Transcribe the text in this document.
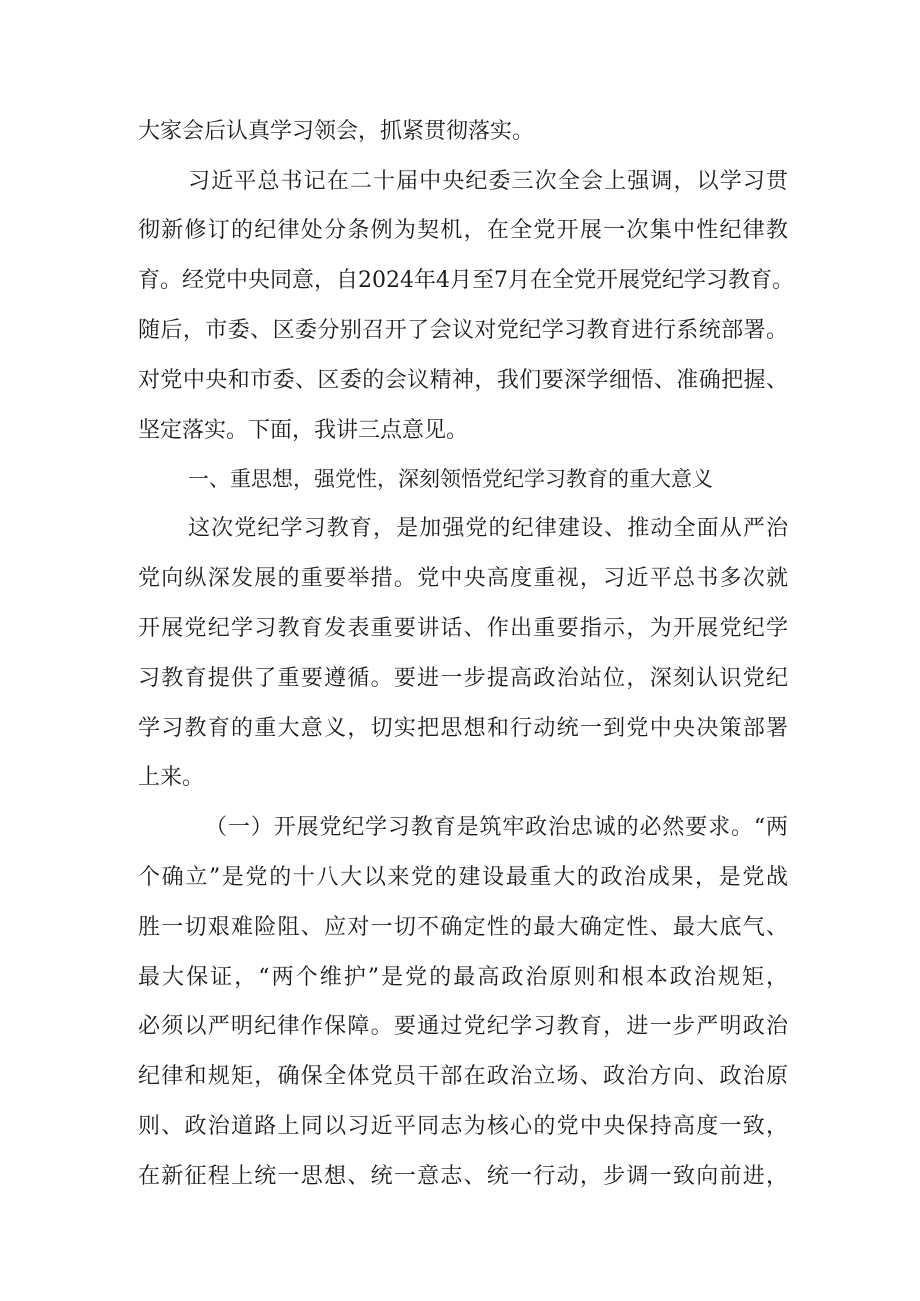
大家会后认真学习领会，抓紧贯彻落实。
习近平总书记在二十届中央纪委三次全会上强调，以学习贯
彻新修订的纪律处分条例为契机，在全党开展一次集中性纪律教
育。经党中央同意，自2024年4月至7月在全党开展党纪学习教育。
随后，市委、区委分别召开了会议对党纪学习教育进行系统部署。
对党中央和市委、区委的会议精神，我们要深学细悟、准确把握、
坚定落实。下面，我讲三点意见。
一、重思想，强党性，深刻领悟党纪学习教育的重大意义
这次党纪学习教育，是加强党的纪律建设、推动全面从严治
党向纵深发展的重要举措。党中央高度重视，习近平总书多次就
开展党纪学习教育发表重要讲话、作出重要指示，为开展党纪学
习教育提供了重要遵循。要进一步提高政治站位，深刻认识党纪
学习教育的重大意义，切实把思想和行动统一到党中央决策部署
上来。
（一）开展党纪学习教育是筑牢政治忠诚的必然要求。“两
个确立”是党的十八大以来党的建设最重大的政治成果，是党战
胜一切艰难险阻、应对一切不确定性的最大确定性、最大底气、
最大保证，“两个维护”是党的最高政治原则和根本政治规矩，
必须以严明纪律作保障。要通过党纪学习教育，进一步严明政治
纪律和规矩，确保全体党员干部在政治立场、政治方向、政治原
则、政治道路上同以习近平同志为核心的党中央保持高度一致，
在新征程上统一思想、统一意志、统一行动，步调一致向前进，
